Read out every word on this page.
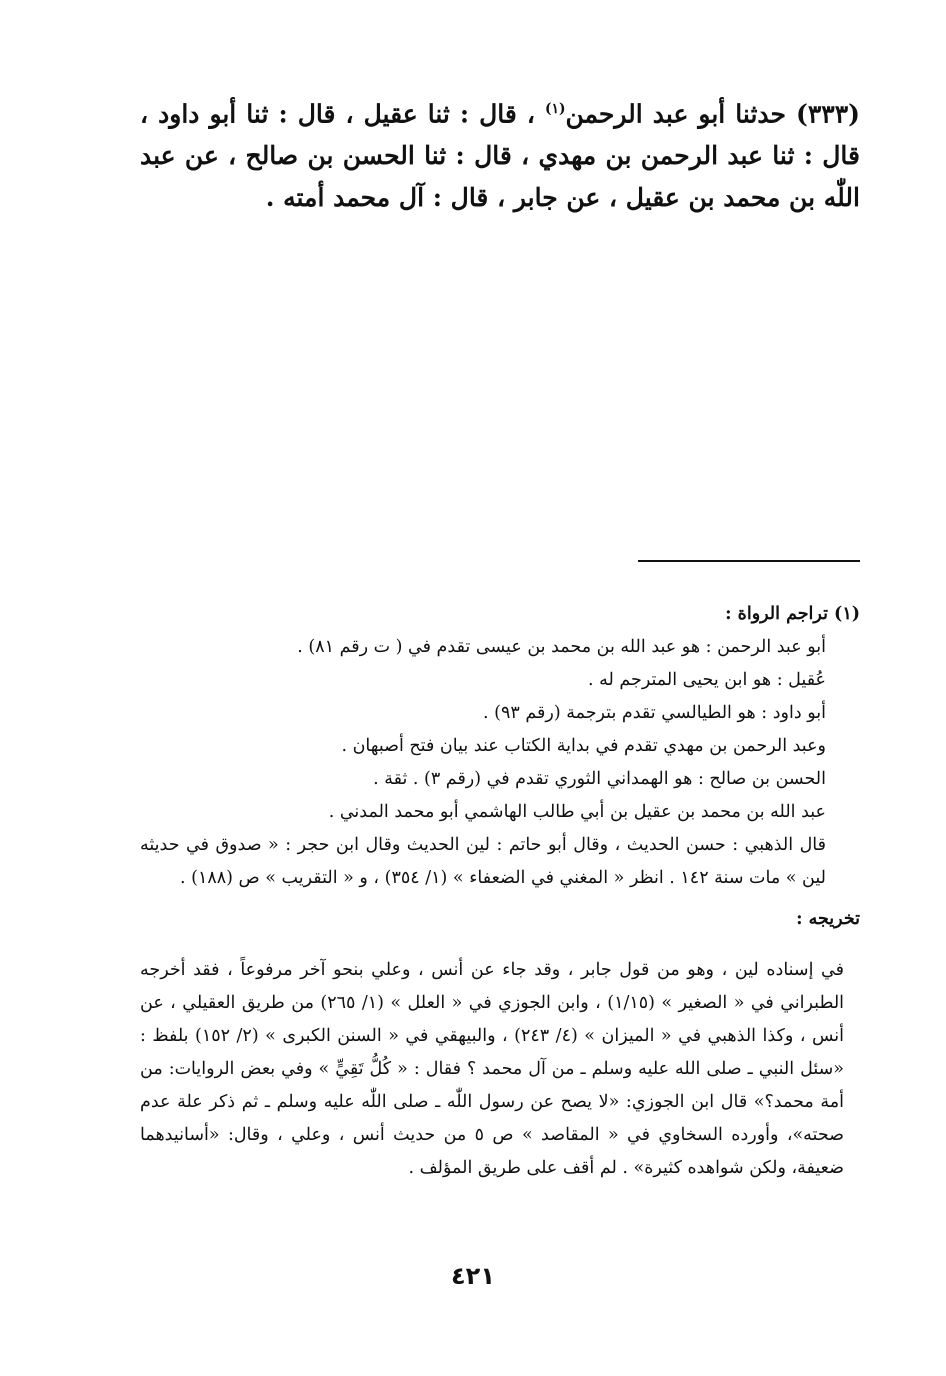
(٣٣٣) حدثنا أبو عبد الرحمن$^{(١)}$ ، قال : ثنا عقيل ، قال : ثنا أبو داود ، قال : ثنا عبد الرحمن بن مهدي ، قال : ثنا الحسن بن صالح ، عن عبد اللّٰه بن محمد بن عقيل ، عن جابر ، قال : آل محمد أمته .

(١) تراجم الرواة :

أبو عبد الرحمن : هو عبد الله بن محمد بن عيسى تقدم في ( ت رقم ٨١) .

عُقيل : هو ابن يحيى المترجم له .

أبو داود : هو الطيالسي تقدم بترجمة (رقم ٩٣) .

وعبد الرحمن بن مهدي تقدم في بداية الكتاب عند بيان فتح أصبهان .

الحسن بن صالح : هو الهمداني الثوري تقدم في (رقم ٣) . ثقة .

عبد الله بن محمد بن عقيل بن أبي طالب الهاشمي أبو محمد المدني .

قال الذهبي : حسن الحديث ، وقال أبو حاتم : لين الحديث وقال ابن حجر : « صدوق في حديثه لين » مات سنة ١٤٢ . انظر « المغني في الضعفاء » (١/ ٣٥٤) ، و « التقريب » ص (١٨٨) .

تخريجه :

في إسناده لين ، وهو من قول جابر ، وقد جاء عن أنس ، وعلي بنحو آخر مرفوعاً ، فقد أخرجه الطبراني في « الصغير » (١/١٥) ، وابن الجوزي في « العلل » (١/ ٢٦٥) من طريق العقيلي ، عن أنس ، وكذا الذهبي في « الميزان » (٤/ ٢٤٣) ، والبيهقي في « السنن الكبرى » (٢/ ١٥٢) بلفظ : «سئل النبي ـ صلى الله عليه وسلم ـ من آل محمد ؟ فقال : « كُلُّ تَقِيٍّ » وفي بعض الروايات: من أمة محمد؟» قال ابن الجوزي: «لا يصح عن رسول اللّٰه ـ صلى اللّٰه عليه وسلم ـ ثم ذكر علة عدم صحته»، وأورده السخاوي في « المقاصد » ص ٥ من حديث أنس ، وعلي ، وقال: «أسانيدهما ضعيفة، ولكن شواهده كثيرة» . لم أقف على طريق المؤلف .

٤٢١
